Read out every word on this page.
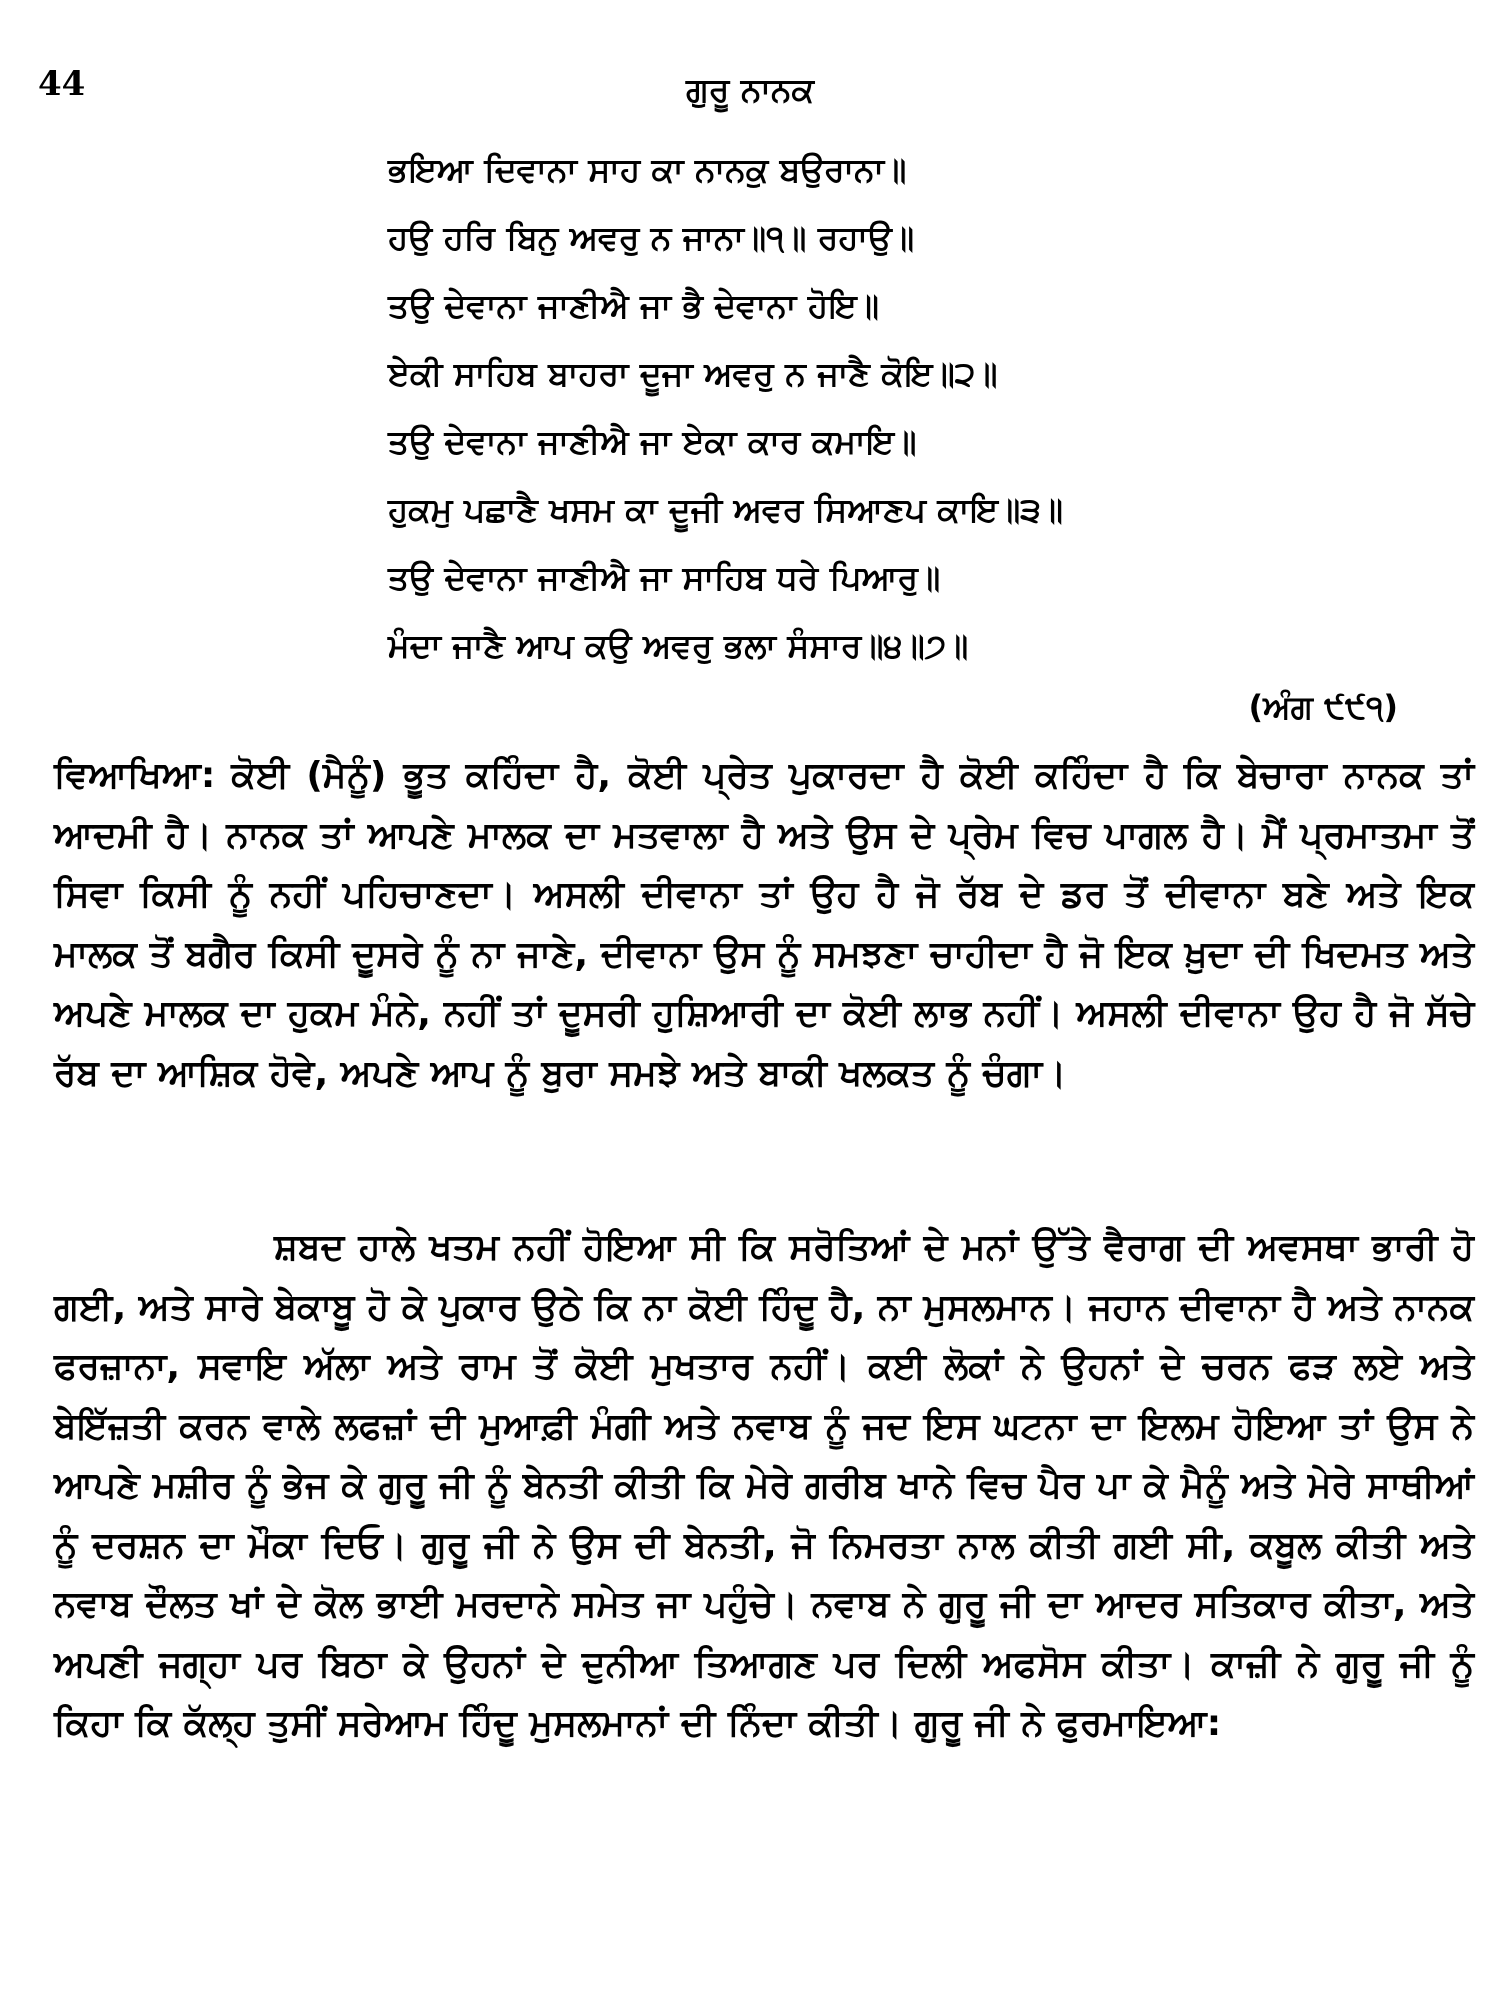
44	ਗੁਰੂ ਨਾਨਕ
ਭਇਆ ਦਿਵਾਨਾ ਸਾਹ ਕਾ ਨਾਨਕੁ ਬਉਰਾਨਾ॥
ਹਉ ਹਰਿ ਬਿਨੁ ਅਵਰੁ ਨ ਜਾਨਾ॥੧॥ ਰਹਾਉ॥
ਤਉ ਦੇਵਾਨਾ ਜਾਣੀਐ ਜਾ ਭੈ ਦੇਵਾਨਾ ਹੋਇ॥
ਏਕੀ ਸਾਹਿਬ ਬਾਹਰਾ ਦੂਜਾ ਅਵਰੁ ਨ ਜਾਣੈ ਕੋਇ॥੨॥
ਤਉ ਦੇਵਾਨਾ ਜਾਣੀਐ ਜਾ ਏਕਾ ਕਾਰ ਕਮਾਇ॥
ਹੁਕਮੁ ਪਛਾਣੈ ਖਸਮ ਕਾ ਦੂਜੀ ਅਵਰ ਸਿਆਣਪ ਕਾਇ॥੩॥
ਤਉ ਦੇਵਾਨਾ ਜਾਣੀਐ ਜਾ ਸਾਹਿਬ ਧਰੇ ਪਿਆਰੁ॥
ਮੰਦਾ ਜਾਣੈ ਆਪ ਕਉ ਅਵਰੁ ਭਲਾ ਸੰਸਾਰ॥੪॥੭॥
(ਅੰਗ ੯੯੧)

ਵਿਆਖਿਆ: ਕੋਈ (ਮੈਨੂੰ) ਭੂਤ ਕਹਿੰਦਾ ਹੈ, ਕੋਈ ਪ੍ਰੇਤ ਪੁਕਾਰਦਾ ਹੈ ਕੋਈ ਕਹਿੰਦਾ ਹੈ ਕਿ ਬੇਚਾਰਾ ਨਾਨਕ ਤਾਂ ਆਦਮੀ ਹੈ। ਨਾਨਕ ਤਾਂ ਆਪਣੇ ਮਾਲਕ ਦਾ ਮਤਵਾਲਾ ਹੈ ਅਤੇ ਉਸ ਦੇ ਪ੍ਰੇਮ ਵਿਚ ਪਾਗਲ ਹੈ। ਮੈਂ ਪ੍ਰਮਾਤਮਾ ਤੋਂ ਸਿਵਾ ਕਿਸੀ ਨੂੰ ਨਹੀਂ ਪਹਿਚਾਣਦਾ। ਅਸਲੀ ਦੀਵਾਨਾ ਤਾਂ ਉਹ ਹੈ ਜੋ ਰੱਬ ਦੇ ਡਰ ਤੋਂ ਦੀਵਾਨਾ ਬਣੇ ਅਤੇ ਇਕ ਮਾਲਕ ਤੋਂ ਬਗੈਰ ਕਿਸੀ ਦੂਸਰੇ ਨੂੰ ਨਾ ਜਾਣੇ, ਦੀਵਾਨਾ ਉਸ ਨੂੰ ਸਮਝਣਾ ਚਾਹੀਦਾ ਹੈ ਜੋ ਇਕ ਖ਼ੁਦਾ ਦੀ ਖਿਦਮਤ ਅਤੇ ਅਪਣੇ ਮਾਲਕ ਦਾ ਹੁਕਮ ਮੰਨੇ, ਨਹੀਂ ਤਾਂ ਦੂਸਰੀ ਹੁਸ਼ਿਆਰੀ ਦਾ ਕੋਈ ਲਾਭ ਨਹੀਂ। ਅਸਲੀ ਦੀਵਾਨਾ ਉਹ ਹੈ ਜੋ ਸੱਚੇ ਰੱਬ ਦਾ ਆਸ਼ਿਕ ਹੋਵੇ, ਅਪਣੇ ਆਪ ਨੂੰ ਬੁਰਾ ਸਮਝੇ ਅਤੇ ਬਾਕੀ ਖਲਕਤ ਨੂੰ ਚੰਗਾ।

ਸ਼ਬਦ ਹਾਲੇ ਖਤਮ ਨਹੀਂ ਹੋਇਆ ਸੀ ਕਿ ਸਰੋਤਿਆਂ ਦੇ ਮਨਾਂ ਉੱਤੇ ਵੈਰਾਗ ਦੀ ਅਵਸਥਾ ਭਾਰੀ ਹੋ ਗਈ, ਅਤੇ ਸਾਰੇ ਬੇਕਾਬੂ ਹੋ ਕੇ ਪੁਕਾਰ ਉਠੇ ਕਿ ਨਾ ਕੋਈ ਹਿੰਦੂ ਹੈ, ਨਾ ਮੁਸਲਮਾਨ। ਜਹਾਨ ਦੀਵਾਨਾ ਹੈ ਅਤੇ ਨਾਨਕ ਫਰਜ਼ਾਨਾ, ਸਵਾਇ ਅੱਲਾ ਅਤੇ ਰਾਮ ਤੋਂ ਕੋਈ ਮੁਖਤਾਰ ਨਹੀਂ। ਕਈ ਲੋਕਾਂ ਨੇ ਉਹਨਾਂ ਦੇ ਚਰਨ ਫੜ ਲਏ ਅਤੇ ਬੇਇੱਜ਼ਤੀ ਕਰਨ ਵਾਲੇ ਲਫਜ਼ਾਂ ਦੀ ਮੁਆਫ਼ੀ ਮੰਗੀ ਅਤੇ ਨਵਾਬ ਨੂੰ ਜਦ ਇਸ ਘਟਨਾ ਦਾ ਇਲਮ ਹੋਇਆ ਤਾਂ ਉਸ ਨੇ ਆਪਣੇ ਮਸ਼ੀਰ ਨੂੰ ਭੇਜ ਕੇ ਗੁਰੂ ਜੀ ਨੂੰ ਬੇਨਤੀ ਕੀਤੀ ਕਿ ਮੇਰੇ ਗਰੀਬ ਖਾਨੇ ਵਿਚ ਪੈਰ ਪਾ ਕੇ ਮੈਨੂੰ ਅਤੇ ਮੇਰੇ ਸਾਥੀਆਂ ਨੂੰ ਦਰਸ਼ਨ ਦਾ ਮੌਕਾ ਦਿਓ। ਗੁਰੂ ਜੀ ਨੇ ਉਸ ਦੀ ਬੇਨਤੀ, ਜੋ ਨਿਮਰਤਾ ਨਾਲ ਕੀਤੀ ਗਈ ਸੀ, ਕਬੂਲ ਕੀਤੀ ਅਤੇ ਨਵਾਬ ਦੌਲਤ ਖਾਂ ਦੇ ਕੋਲ ਭਾਈ ਮਰਦਾਨੇ ਸਮੇਤ ਜਾ ਪਹੁੰਚੇ। ਨਵਾਬ ਨੇ ਗੁਰੂ ਜੀ ਦਾ ਆਦਰ ਸਤਿਕਾਰ ਕੀਤਾ, ਅਤੇ ਅਪਣੀ ਜਗ੍ਹਾ ਪਰ ਬਿਠਾ ਕੇ ਉਹਨਾਂ ਦੇ ਦੁਨੀਆ ਤਿਆਗਣ ਪਰ ਦਿਲੀ ਅਫਸੋਸ ਕੀਤਾ। ਕਾਜ਼ੀ ਨੇ ਗੁਰੂ ਜੀ ਨੂੰ ਕਿਹਾ ਕਿ ਕੱਲ੍ਹ ਤੁਸੀਂ ਸਰੇਆਮ ਹਿੰਦੂ ਮੁਸਲਮਾਨਾਂ ਦੀ ਨਿੰਦਾ ਕੀਤੀ। ਗੁਰੂ ਜੀ ਨੇ ਫੁਰਮਾਇਆ:
